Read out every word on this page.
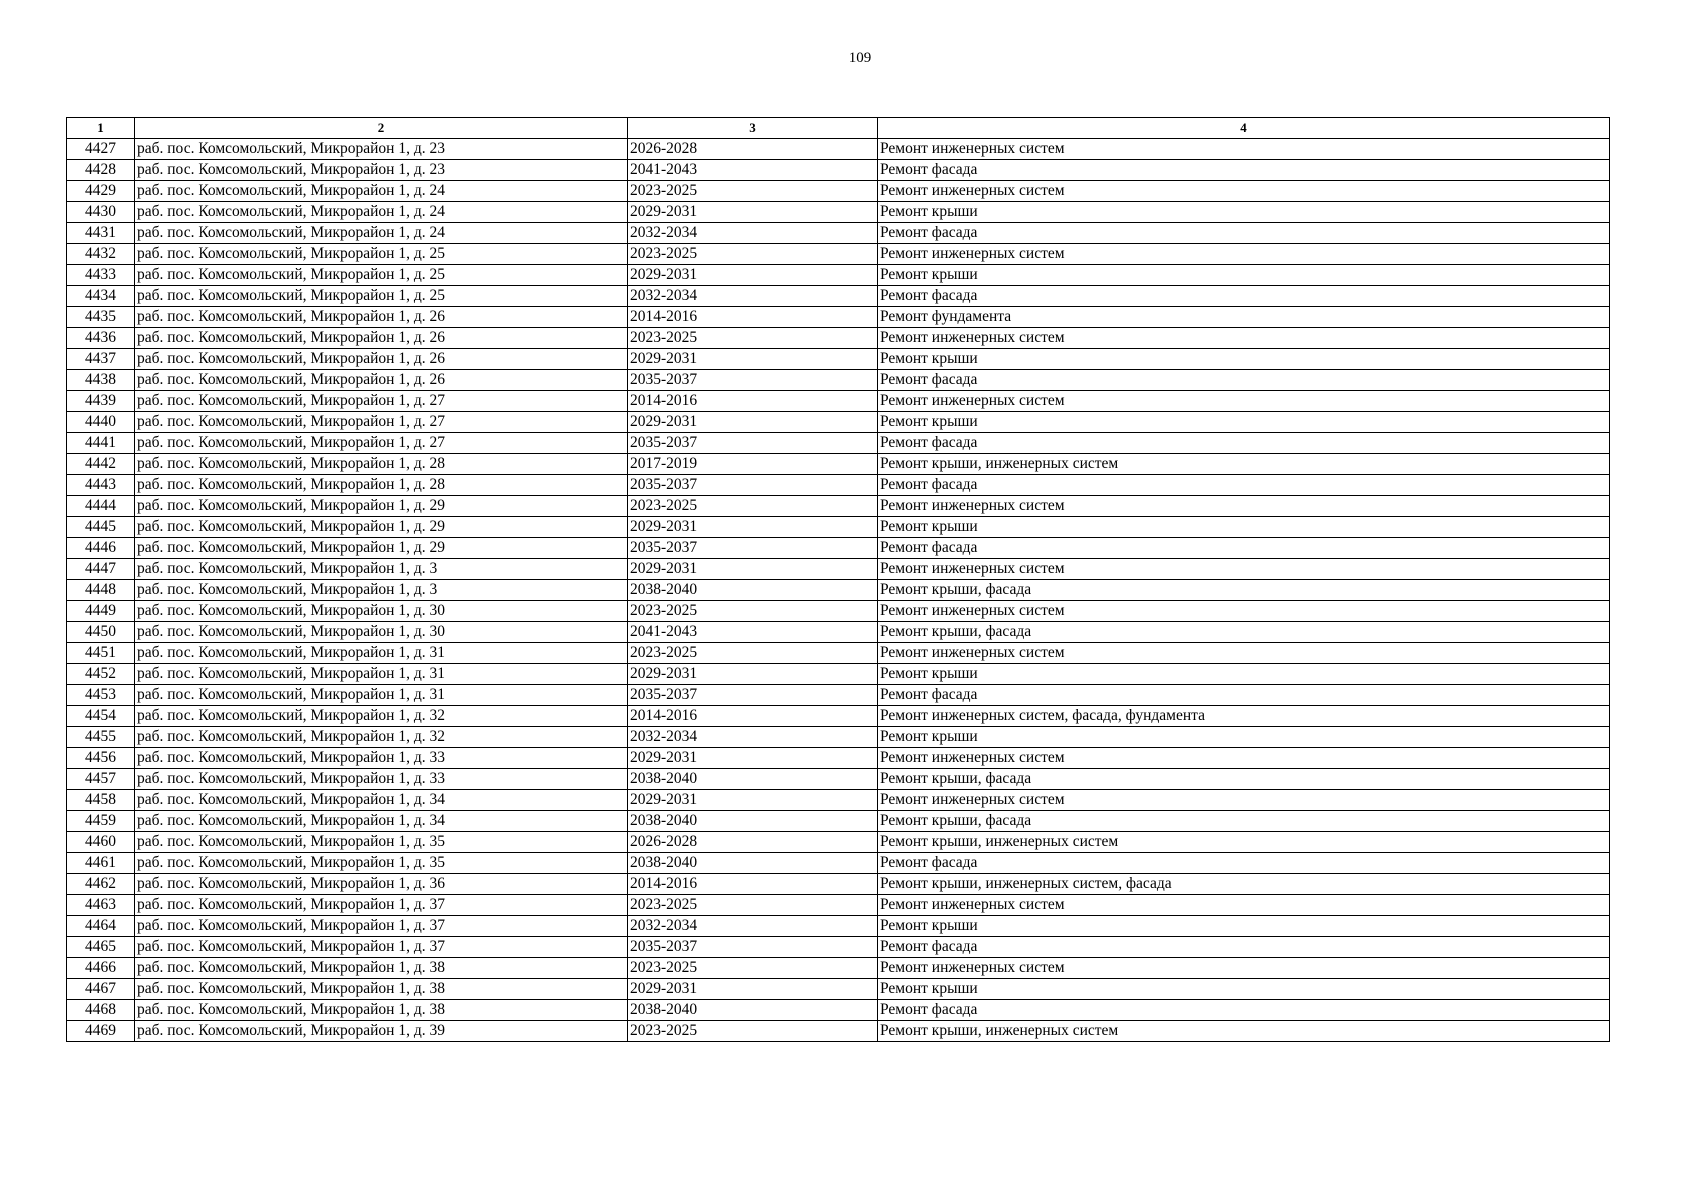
109
1	2	3	4
4427	раб. пос. Комсомольский, Микрорайон 1, д. 23	2026-2028	Ремонт инженерных систем
4428	раб. пос. Комсомольский, Микрорайон 1, д. 23	2041-2043	Ремонт фасада
4429	раб. пос. Комсомольский, Микрорайон 1, д. 24	2023-2025	Ремонт инженерных систем
4430	раб. пос. Комсомольский, Микрорайон 1, д. 24	2029-2031	Ремонт крыши
4431	раб. пос. Комсомольский, Микрорайон 1, д. 24	2032-2034	Ремонт фасада
4432	раб. пос. Комсомольский, Микрорайон 1, д. 25	2023-2025	Ремонт инженерных систем
4433	раб. пос. Комсомольский, Микрорайон 1, д. 25	2029-2031	Ремонт крыши
4434	раб. пос. Комсомольский, Микрорайон 1, д. 25	2032-2034	Ремонт фасада
4435	раб. пос. Комсомольский, Микрорайон 1, д. 26	2014-2016	Ремонт фундамента
4436	раб. пос. Комсомольский, Микрорайон 1, д. 26	2023-2025	Ремонт инженерных систем
4437	раб. пос. Комсомольский, Микрорайон 1, д. 26	2029-2031	Ремонт крыши
4438	раб. пос. Комсомольский, Микрорайон 1, д. 26	2035-2037	Ремонт фасада
4439	раб. пос. Комсомольский, Микрорайон 1, д. 27	2014-2016	Ремонт инженерных систем
4440	раб. пос. Комсомольский, Микрорайон 1, д. 27	2029-2031	Ремонт крыши
4441	раб. пос. Комсомольский, Микрорайон 1, д. 27	2035-2037	Ремонт фасада
4442	раб. пос. Комсомольский, Микрорайон 1, д. 28	2017-2019	Ремонт крыши, инженерных систем
4443	раб. пос. Комсомольский, Микрорайон 1, д. 28	2035-2037	Ремонт фасада
4444	раб. пос. Комсомольский, Микрорайон 1, д. 29	2023-2025	Ремонт инженерных систем
4445	раб. пос. Комсомольский, Микрорайон 1, д. 29	2029-2031	Ремонт крыши
4446	раб. пос. Комсомольский, Микрорайон 1, д. 29	2035-2037	Ремонт фасада
4447	раб. пос. Комсомольский, Микрорайон 1, д. 3	2029-2031	Ремонт инженерных систем
4448	раб. пос. Комсомольский, Микрорайон 1, д. 3	2038-2040	Ремонт крыши, фасада
4449	раб. пос. Комсомольский, Микрорайон 1, д. 30	2023-2025	Ремонт инженерных систем
4450	раб. пос. Комсомольский, Микрорайон 1, д. 30	2041-2043	Ремонт крыши, фасада
4451	раб. пос. Комсомольский, Микрорайон 1, д. 31	2023-2025	Ремонт инженерных систем
4452	раб. пос. Комсомольский, Микрорайон 1, д. 31	2029-2031	Ремонт крыши
4453	раб. пос. Комсомольский, Микрорайон 1, д. 31	2035-2037	Ремонт фасада
4454	раб. пос. Комсомольский, Микрорайон 1, д. 32	2014-2016	Ремонт инженерных систем, фасада, фундамента
4455	раб. пос. Комсомольский, Микрорайон 1, д. 32	2032-2034	Ремонт крыши
4456	раб. пос. Комсомольский, Микрорайон 1, д. 33	2029-2031	Ремонт инженерных систем
4457	раб. пос. Комсомольский, Микрорайон 1, д. 33	2038-2040	Ремонт крыши, фасада
4458	раб. пос. Комсомольский, Микрорайон 1, д. 34	2029-2031	Ремонт инженерных систем
4459	раб. пос. Комсомольский, Микрорайон 1, д. 34	2038-2040	Ремонт крыши, фасада
4460	раб. пос. Комсомольский, Микрорайон 1, д. 35	2026-2028	Ремонт крыши, инженерных систем
4461	раб. пос. Комсомольский, Микрорайон 1, д. 35	2038-2040	Ремонт фасада
4462	раб. пос. Комсомольский, Микрорайон 1, д. 36	2014-2016	Ремонт крыши, инженерных систем, фасада
4463	раб. пос. Комсомольский, Микрорайон 1, д. 37	2023-2025	Ремонт инженерных систем
4464	раб. пос. Комсомольский, Микрорайон 1, д. 37	2032-2034	Ремонт крыши
4465	раб. пос. Комсомольский, Микрорайон 1, д. 37	2035-2037	Ремонт фасада
4466	раб. пос. Комсомольский, Микрорайон 1, д. 38	2023-2025	Ремонт инженерных систем
4467	раб. пос. Комсомольский, Микрорайон 1, д. 38	2029-2031	Ремонт крыши
4468	раб. пос. Комсомольский, Микрорайон 1, д. 38	2038-2040	Ремонт фасада
4469	раб. пос. Комсомольский, Микрорайон 1, д. 39	2023-2025	Ремонт крыши, инженерных систем
